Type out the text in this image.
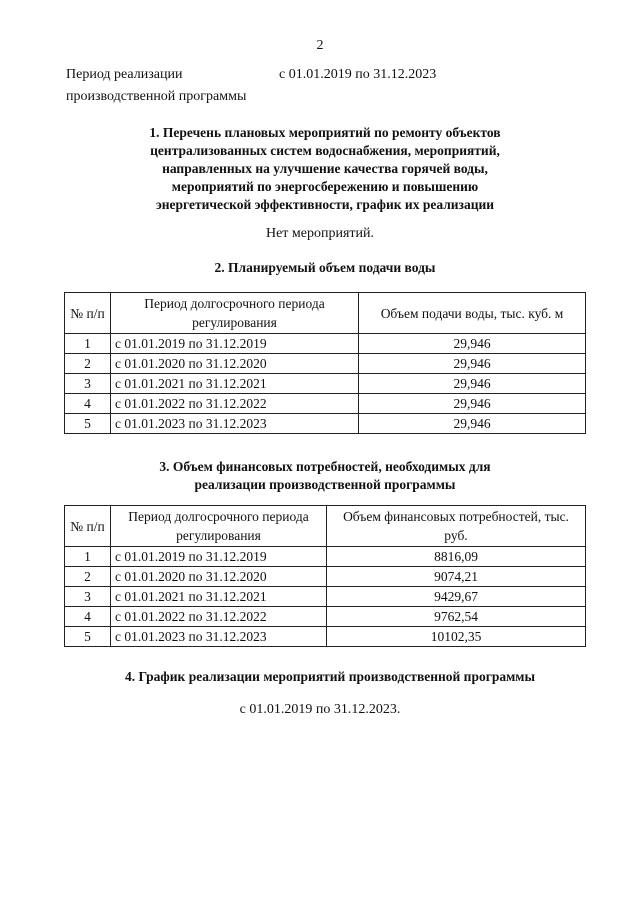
2
Период реализации
производственной программы
с 01.01.2019 по 31.12.2023
1. Перечень плановых мероприятий по ремонту объектов
централизованных систем водоснабжения, мероприятий,
направленных на улучшение качества горячей воды,
мероприятий по энергосбережению и повышению
энергетической эффективности, график их реализации
Нет мероприятий.
2. Планируемый объем подачи воды
№ п/п	Период долгосрочного периода регулирования	Объем подачи воды, тыс. куб. м
1	с 01.01.2019 по 31.12.2019	29,946
2	с 01.01.2020 по 31.12.2020	29,946
3	с 01.01.2021 по 31.12.2021	29,946
4	с 01.01.2022 по 31.12.2022	29,946
5	с 01.01.2023 по 31.12.2023	29,946
3. Объем финансовых потребностей, необходимых для
реализации производственной программы
№ п/п	Период долгосрочного периода регулирования	Объем финансовых потребностей, тыс. руб.
1	с 01.01.2019 по 31.12.2019	8816,09
2	с 01.01.2020 по 31.12.2020	9074,21
3	с 01.01.2021 по 31.12.2021	9429,67
4	с 01.01.2022 по 31.12.2022	9762,54
5	с 01.01.2023 по 31.12.2023	10102,35
4. График реализации мероприятий производственной программы
с 01.01.2019 по 31.12.2023.
